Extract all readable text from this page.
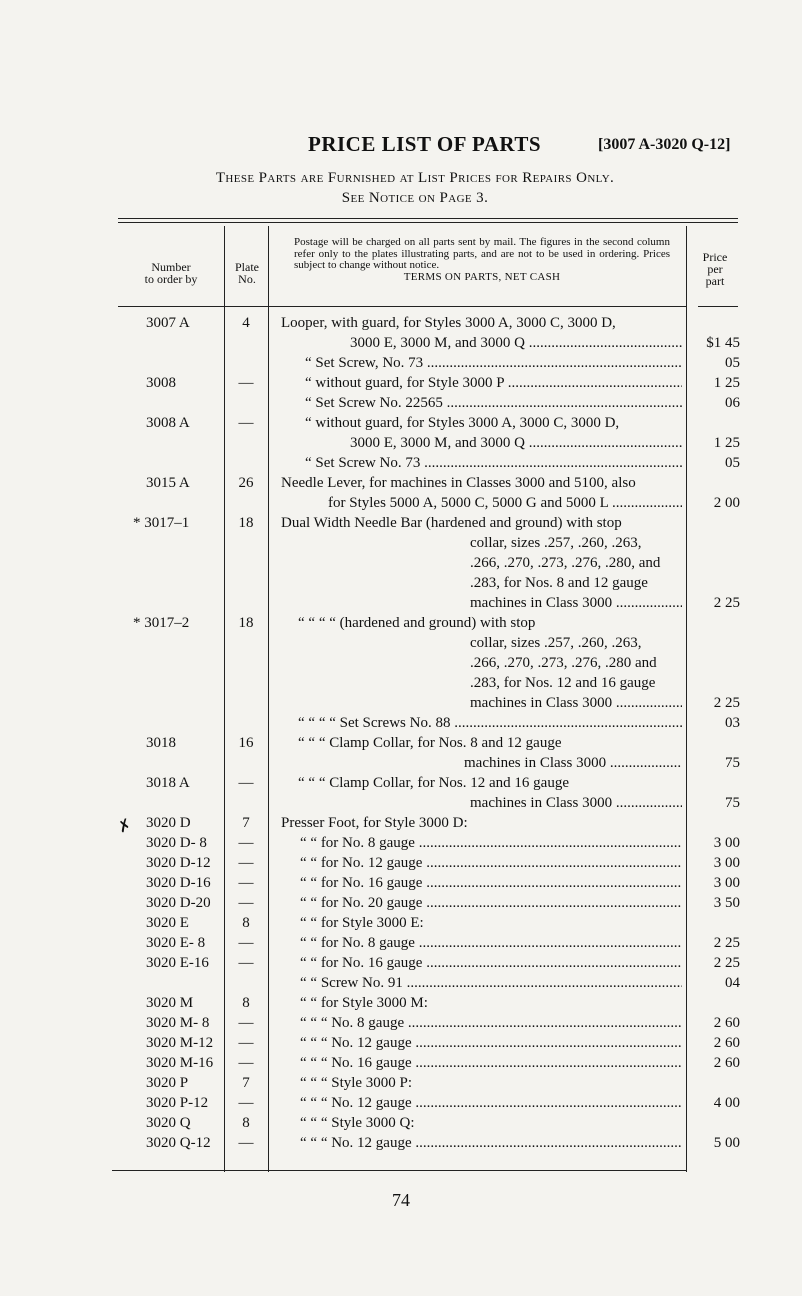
PRICE LIST OF PARTS	[3007 A-3020 Q-12]
These Parts are Furnished at List Prices for Repairs Only.
See Notice on Page 3.
Number
to order by
Plate
No.
Postage will be charged on all parts sent by mail. The figures in the second column refer only to the plates illustrating parts, and are not to be used in ordering. Prices subject to change without notice.
TERMS ON PARTS, NET CASH
Price
per
part
3007 A	4	Looper, with guard, for Styles 3000 A, 3000 C, 3000 D,
3000 E, 3000 M, and 3000 Q .....	$1 45
“ Set Screw, No. 73 .....	05
3008	—	“ without guard, for Style 3000 P .....	1 25
“ Set Screw No. 22565 .....	06
3008 A	—	“ without guard, for Styles 3000 A, 3000 C, 3000 D,
3000 E, 3000 M, and 3000 Q .....	1 25
“ Set Screw No. 73 .....	05
3015 A	26	Needle Lever, for machines in Classes 3000 and 5100, also
for Styles 5000 A, 5000 C, 5000 G and 5000 L .....	2 00
* 3017–1	18	Dual Width Needle Bar (hardened and ground) with stop
collar, sizes .257, .260, .263,
.266, .270, .273, .276, .280, and
.283, for Nos. 8 and 12 gauge
machines in Class 3000 .....	2 25
* 3017–2	18	“ “ “ “ (hardened and ground) with stop
collar, sizes .257, .260, .263,
.266, .270, .273, .276, .280 and
.283, for Nos. 12 and 16 gauge
machines in Class 3000 .....	2 25
“ “ “ “ Set Screws No. 88 .....	03
3018	16	“ “ “ Clamp Collar, for Nos. 8 and 12 gauge
machines in Class 3000 .....	75
3018 A	—	“ “ “ Clamp Collar, for Nos. 12 and 16 gauge
machines in Class 3000 .....	75
3020 D	7	Presser Foot, for Style 3000 D:
3020 D- 8	—	“ “ for No. 8 gauge .....	3 00
3020 D-12	—	“ “ for No. 12 gauge .....	3 00
3020 D-16	—	“ “ for No. 16 gauge .....	3 00
3020 D-20	—	“ “ for No. 20 gauge .....	3 50
3020 E	8	“ “ for Style 3000 E:
3020 E- 8	—	“ “ for No. 8 gauge .....	2 25
3020 E-16	—	“ “ for No. 16 gauge .....	2 25
“ “ Screw No. 91 .....	04
3020 M	8	“ “ for Style 3000 M:
3020 M- 8	—	“ “ “ No. 8 gauge .....	2 60
3020 M-12	—	“ “ “ No. 12 gauge .....	2 60
3020 M-16	—	“ “ “ No. 16 gauge .....	2 60
3020 P	7	“ “ “ Style 3000 P:
3020 P-12	—	“ “ “ No. 12 gauge .....	4 00
3020 Q	8	“ “ “ Style 3000 Q:
3020 Q-12	—	“ “ “ No. 12 gauge .....	5 00
✗
74
